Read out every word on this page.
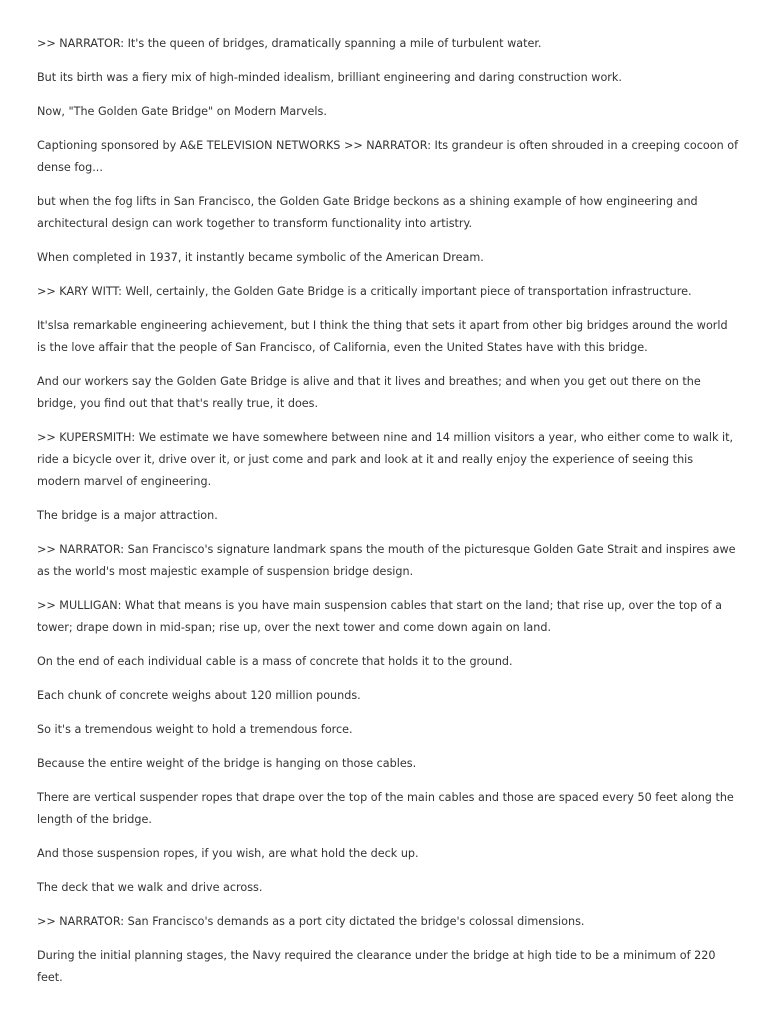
>> NARRATOR: It's the queen of bridges, dramatically spanning a mile of turbulent water.

But its birth was a fiery mix of high-minded idealism, brilliant engineering and daring construction work.

Now, "The Golden Gate Bridge" on Modern Marvels.

Captioning sponsored by A&E TELEVISION NETWORKS >> NARRATOR: Its grandeur is often shrouded in a creeping cocoon of dense fog...

but when the fog lifts in San Francisco, the Golden Gate Bridge beckons as a shining example of how engineering and architectural design can work together to transform functionality into artistry.

When completed in 1937, it instantly became symbolic of the American Dream.

>> KARY WITT: Well, certainly, the Golden Gate Bridge is a critically important piece of transportation infrastructure.

It'slsa remarkable engineering achievement, but I think the thing that sets it apart from other big bridges around the world is the love affair that the people of San Francisco, of California, even the United States have with this bridge.

And our workers say the Golden Gate Bridge is alive and that it lives and breathes; and when you get out there on the bridge, you find out that that's really true, it does.

>> KUPERSMITH: We estimate we have somewhere between nine and 14 million visitors a year, who either come to walk it, ride a bicycle over it, drive over it, or just come and park and look at it and really enjoy the experience of seeing this modern marvel of engineering.

The bridge is a major attraction.

>> NARRATOR: San Francisco's signature landmark spans the mouth of the picturesque Golden Gate Strait and inspires awe as the world's most majestic example of suspension bridge design.

>> MULLIGAN: What that means is you have main suspension cables that start on the land; that rise up, over the top of a tower; drape down in mid-span; rise up, over the next tower and come down again on land.

On the end of each individual cable is a mass of concrete that holds it to the ground.

Each chunk of concrete weighs about 120 million pounds.

So it's a tremendous weight to hold a tremendous force.

Because the entire weight of the bridge is hanging on those cables.

There are vertical suspender ropes that drape over the top of the main cables and those are spaced every 50 feet along the length of the bridge.

And those suspension ropes, if you wish, are what hold the deck up.

The deck that we walk and drive across.

>> NARRATOR: San Francisco's demands as a port city dictated the bridge's colossal dimensions.

During the initial planning stages, the Navy required the clearance under the bridge at high tide to be a minimum of 220 feet.
